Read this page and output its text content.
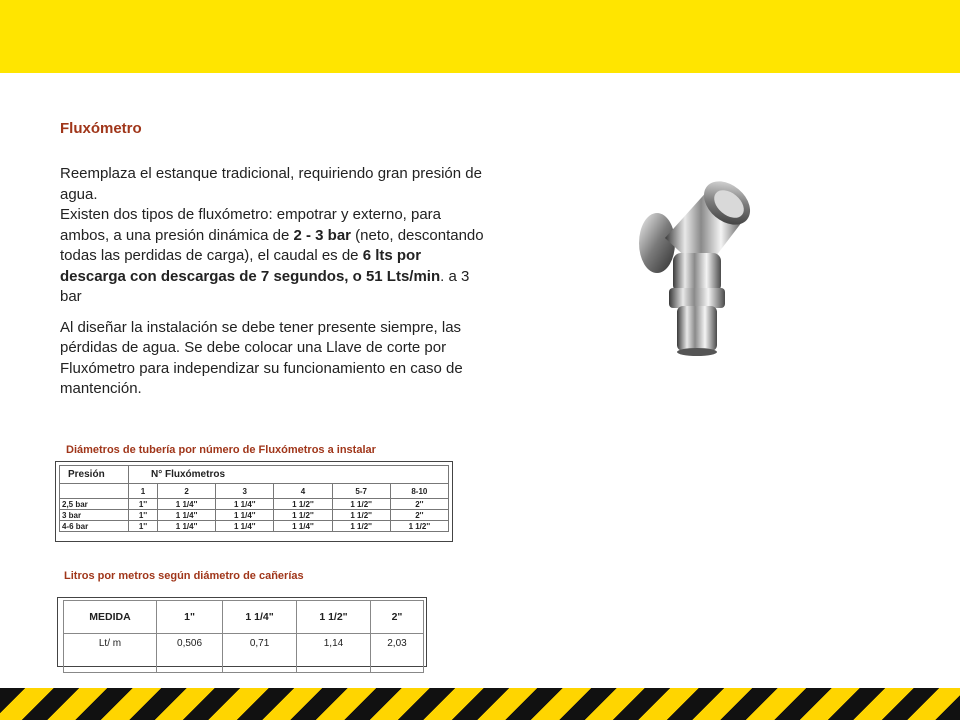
Fluxómetro

Reemplaza el estanque tradicional, requiriendo gran presión de agua.
Existen dos tipos de fluxómetro: empotrar y externo, para ambos, a una presión dinámica de 2 - 3 bar (neto, descontando todas las perdidas de carga), el caudal es de 6 lts por descarga con descargas de 7 segundos, o 51 Lts/min. a 3 bar

Al diseñar la instalación se debe tener presente siempre, las pérdidas de agua. Se debe colocar una Llave de corte por Fluxómetro para independizar su funcionamiento en caso de mantención.

Diámetros de tubería por número de Fluxómetros a instalar
Presión	N° Fluxómetros					
	1	2	3	4	5-7	8-10
2,5 bar	1''	1 1/4''	1 1/4''	1 1/2''	1 1/2''	2''
3 bar	1''	1 1/4''	1 1/4''	1 1/2''	1 1/2''	2''
4-6 bar	1''	1 1/4''	1 1/4''	1 1/4''	1 1/2''	1 1/2''
Litros por metros según diámetro de cañerías
MEDIDA	1"	1 1/4"	1 1/2"	2"
Lt/ m	0,506	0,71	1,14	2,03
